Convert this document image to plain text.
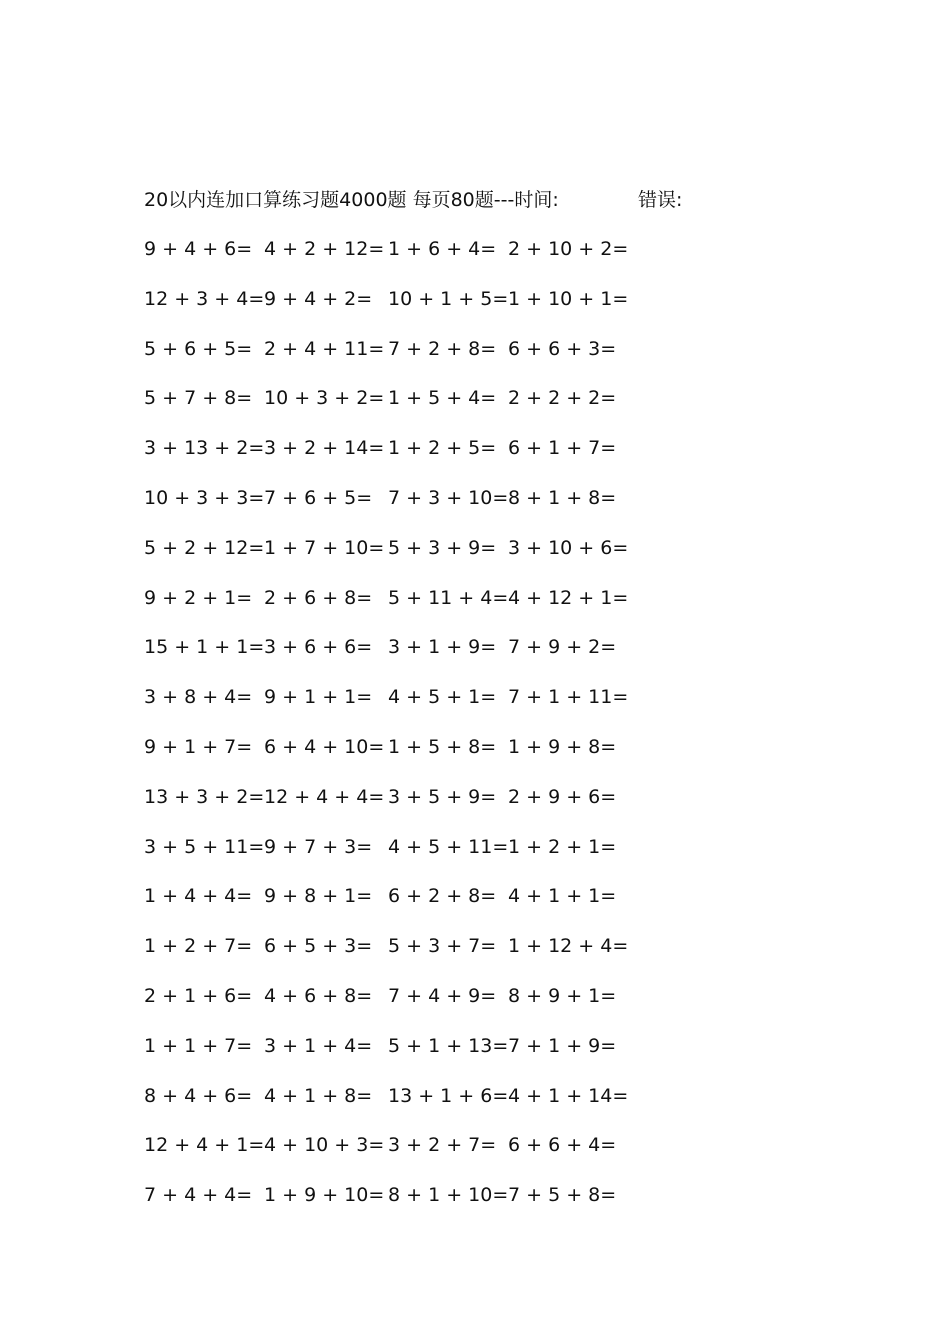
20以内连加口算练习题4000题 每页80题---时间:	错误:
9 + 4 + 6= 4 + 2 + 12= 1 + 6 + 4= 2 + 10 + 2=
12 + 3 + 4= 9 + 4 + 2= 10 + 1 + 5= 1 + 10 + 1=
5 + 6 + 5= 2 + 4 + 11= 7 + 2 + 8= 6 + 6 + 3=
5 + 7 + 8= 10 + 3 + 2= 1 + 5 + 4= 2 + 2 + 2=
3 + 13 + 2= 3 + 2 + 14= 1 + 2 + 5= 6 + 1 + 7=
10 + 3 + 3= 7 + 6 + 5= 7 + 3 + 10= 8 + 1 + 8=
5 + 2 + 12= 1 + 7 + 10= 5 + 3 + 9= 3 + 10 + 6=
9 + 2 + 1= 2 + 6 + 8= 5 + 11 + 4= 4 + 12 + 1=
15 + 1 + 1= 3 + 6 + 6= 3 + 1 + 9= 7 + 9 + 2=
3 + 8 + 4= 9 + 1 + 1= 4 + 5 + 1= 7 + 1 + 11=
9 + 1 + 7= 6 + 4 + 10= 1 + 5 + 8= 1 + 9 + 8=
13 + 3 + 2= 12 + 4 + 4= 3 + 5 + 9= 2 + 9 + 6=
3 + 5 + 11= 9 + 7 + 3= 4 + 5 + 11= 1 + 2 + 1=
1 + 4 + 4= 9 + 8 + 1= 6 + 2 + 8= 4 + 1 + 1=
1 + 2 + 7= 6 + 5 + 3= 5 + 3 + 7= 1 + 12 + 4=
2 + 1 + 6= 4 + 6 + 8= 7 + 4 + 9= 8 + 9 + 1=
1 + 1 + 7= 3 + 1 + 4= 5 + 1 + 13= 7 + 1 + 9=
8 + 4 + 6= 4 + 1 + 8= 13 + 1 + 6= 4 + 1 + 14=
12 + 4 + 1= 4 + 10 + 3= 3 + 2 + 7= 6 + 6 + 4=
7 + 4 + 4= 1 + 9 + 10= 8 + 1 + 10= 7 + 5 + 8=
